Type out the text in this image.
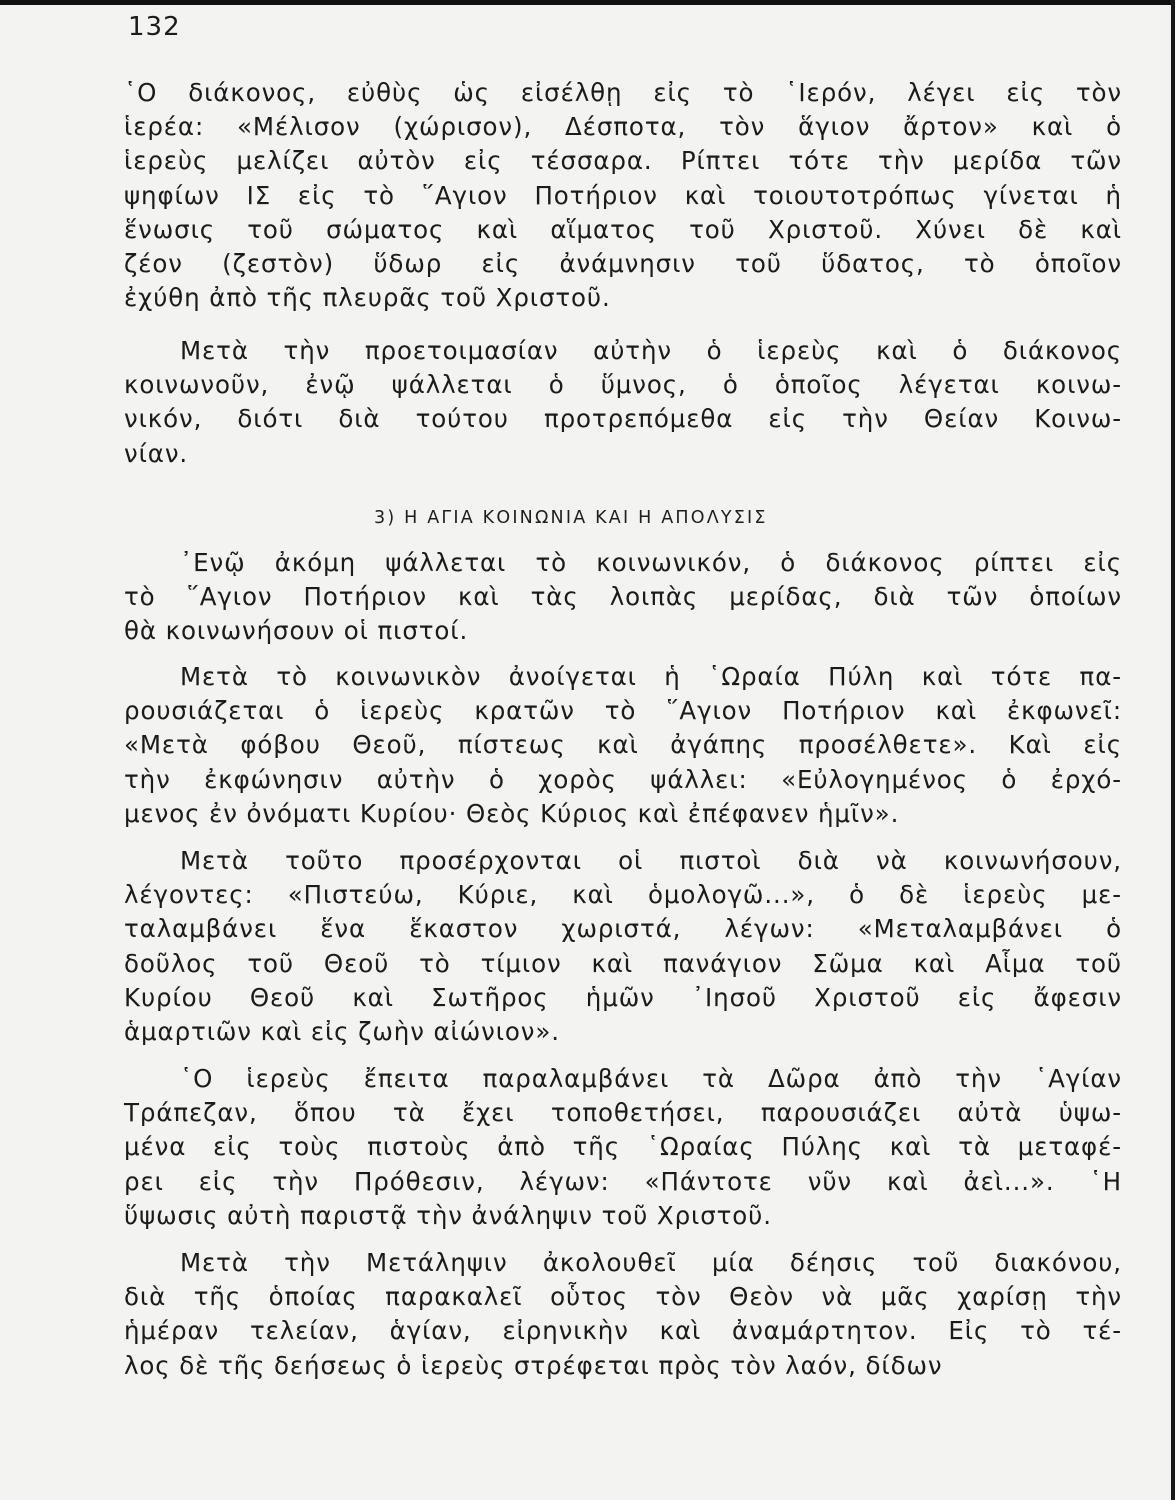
132
῾Ο διάκονος, εὐθὺς ὡς εἰσέλθῃ εἰς τὸ ῾Ιερόν, λέγει εἰς τὸν
ἱερέα: «Μέλισον (χώρισον), Δέσποτα, τὸν ἅγιον ἄρτον» καὶ ὁ
ἱερεὺς μελίζει αὐτὸν εἰς τέσσαρα. Ρίπτει τότε τὴν μερίδα τῶν
ψηφίων ΙΣ εἰς τὸ ῞Αγιον Ποτήριον καὶ τοιουτοτρόπως γίνεται ἡ
ἕνωσις τοῦ σώματος καὶ αἵματος τοῦ Χριστοῦ. Χύνει δὲ καὶ
ζέον (ζεστὸν) ὕδωρ εἰς ἀνάμνησιν τοῦ ὕδατος, τὸ ὁποῖον
ἐχύθη ἀπὸ τῆς πλευρᾶς τοῦ Χριστοῦ.
Μετὰ τὴν προετοιμασίαν αὐτὴν ὁ ἱερεὺς καὶ ὁ διάκονος
κοινωνοῦν, ἐνῷ ψάλλεται ὁ ὕμνος, ὁ ὁποῖος λέγεται κοινω-
νικόν, διότι διὰ τούτου προτρεπόμεθα εἰς τὴν Θείαν Κοινω-
νίαν.
3) Η ΑΓΙΑ ΚΟΙΝΩΝΙΑ ΚΑΙ Η ΑΠΟΛΥΣΙΣ
᾿Ενῷ ἀκόμη ψάλλεται τὸ κοινωνικόν, ὁ διάκονος ρίπτει εἰς
τὸ ῞Αγιον Ποτήριον καὶ τὰς λοιπὰς μερίδας, διὰ τῶν ὁποίων
θὰ κοινωνήσουν οἱ πιστοί.
Μετὰ τὸ κοινωνικὸν ἀνοίγεται ἡ ῾Ωραία Πύλη καὶ τότε πα-
ρουσιάζεται ὁ ἱερεὺς κρατῶν τὸ ῞Αγιον Ποτήριον καὶ ἐκφωνεῖ:
«Μετὰ φόβου Θεοῦ, πίστεως καὶ ἀγάπης προσέλθετε». Καὶ εἰς
τὴν ἐκφώνησιν αὐτὴν ὁ χορὸς ψάλλει: «Εὐλογημένος ὁ ἐρχό-
μενος ἐν ὀνόματι Κυρίου· Θεὸς Κύριος καὶ ἐπέφανεν ἡμῖν».
Μετὰ τοῦτο προσέρχονται οἱ πιστοὶ διὰ νὰ κοινωνήσουν,
λέγοντες: «Πιστεύω, Κύριε, καὶ ὁμολογῶ...», ὁ δὲ ἱερεὺς με-
ταλαμβάνει ἕνα ἕκαστον χωριστά, λέγων: «Μεταλαμβάνει ὁ
δοῦλος τοῦ Θεοῦ τὸ τίμιον καὶ πανάγιον Σῶμα καὶ Αἷμα τοῦ
Κυρίου Θεοῦ καὶ Σωτῆρος ἡμῶν ᾿Ιησοῦ Χριστοῦ εἰς ἄφεσιν
ἁμαρτιῶν καὶ εἰς ζωὴν αἰώνιον».
῾Ο ἱερεὺς ἔπειτα παραλαμβάνει τὰ Δῶρα ἀπὸ τὴν ῾Αγίαν
Τράπεζαν, ὅπου τὰ ἔχει τοποθετήσει, παρουσιάζει αὐτὰ ὑψω-
μένα εἰς τοὺς πιστοὺς ἀπὸ τῆς ῾Ωραίας Πύλης καὶ τὰ μεταφέ-
ρει εἰς τὴν Πρόθεσιν, λέγων: «Πάντοτε νῦν καὶ ἀεὶ...». ῾Η
ὕψωσις αὐτὴ παριστᾷ τὴν ἀνάληψιν τοῦ Χριστοῦ.
Μετὰ τὴν Μετάληψιν ἀκολουθεῖ μία δέησις τοῦ διακόνου,
διὰ τῆς ὁποίας παρακαλεῖ οὗτος τὸν Θεὸν νὰ μᾶς χαρίσῃ τὴν
ἡμέραν τελείαν, ἁγίαν, εἰρηνικὴν καὶ ἀναμάρτητον. Εἰς τὸ τέ-
λος δὲ τῆς δεήσεως ὁ ἱερεὺς στρέφεται πρὸς τὸν λαόν, δίδων
